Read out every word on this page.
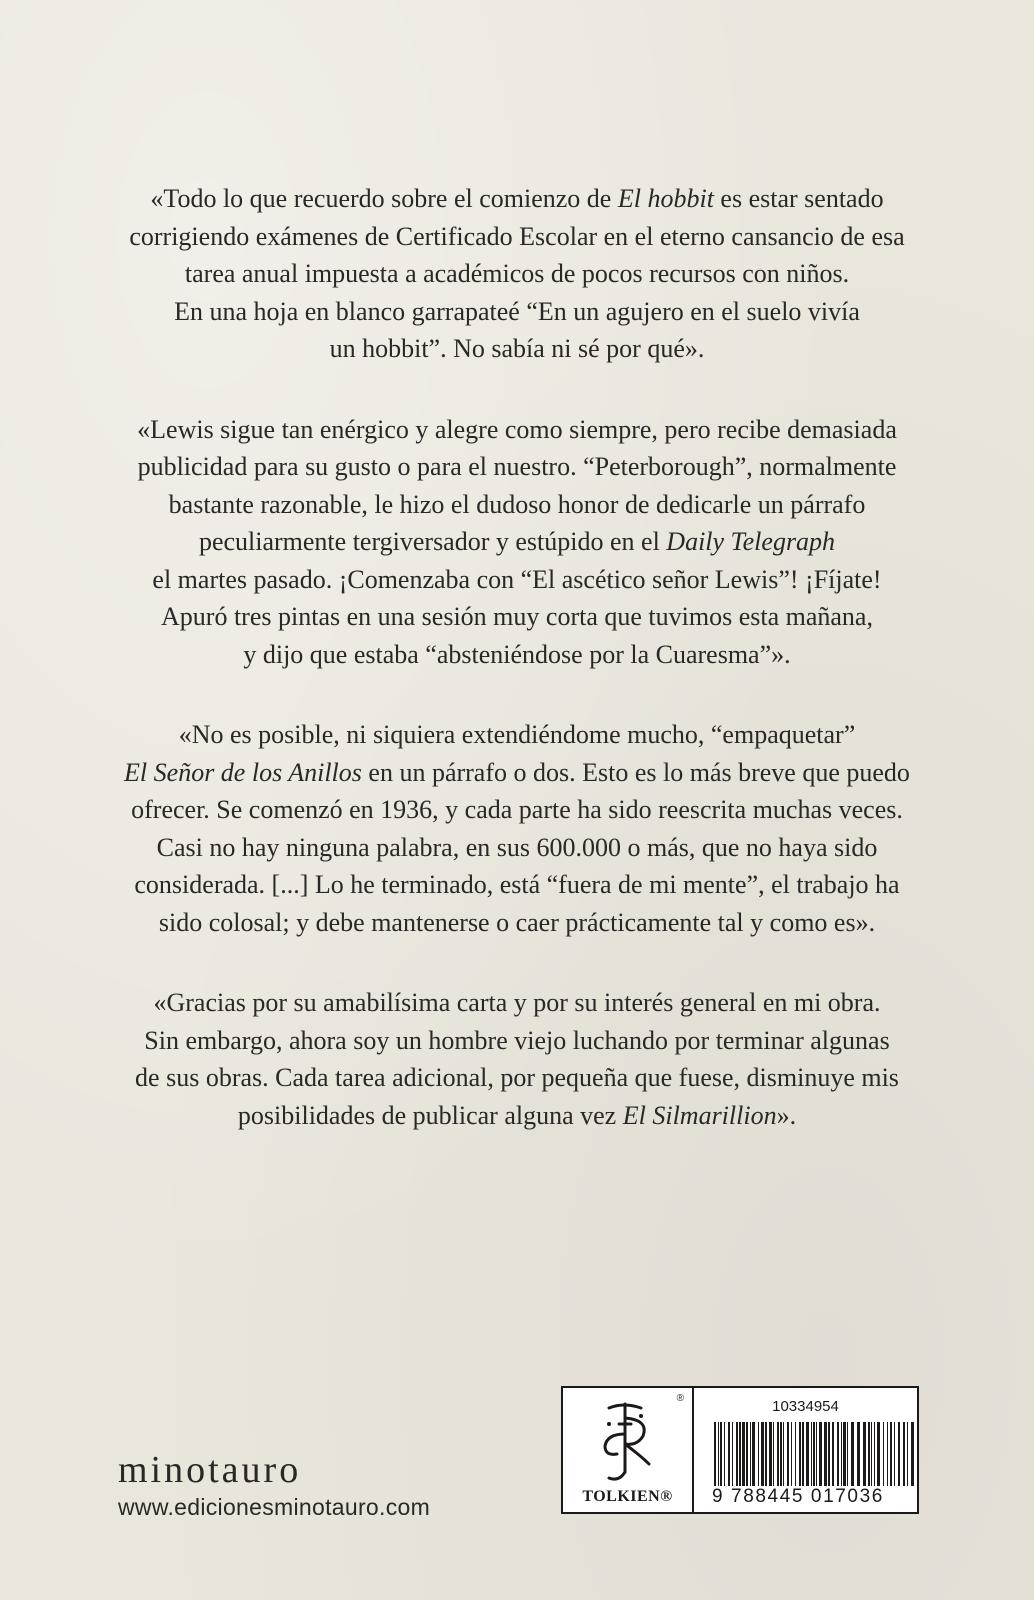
«Todo lo que recuerdo sobre el comienzo de El hobbit es estar sentado
corrigiendo exámenes de Certificado Escolar en el eterno cansancio de esa
tarea anual impuesta a académicos de pocos recursos con niños.
En una hoja en blanco garrapateé “En un agujero en el suelo vivía
un hobbit”. No sabía ni sé por qué».

«Lewis sigue tan enérgico y alegre como siempre, pero recibe demasiada
publicidad para su gusto o para el nuestro. “Peterborough”, normalmente
bastante razonable, le hizo el dudoso honor de dedicarle un párrafo
peculiarmente tergiversador y estúpido en el Daily Telegraph
el martes pasado. ¡Comenzaba con “El ascético señor Lewis”! ¡Fíjate!
Apuró tres pintas en una sesión muy corta que tuvimos esta mañana,
y dijo que estaba “absteniéndose por la Cuaresma”».

«No es posible, ni siquiera extendiéndome mucho, “empaquetar”
El Señor de los Anillos en un párrafo o dos. Esto es lo más breve que puedo
ofrecer. Se comenzó en 1936, y cada parte ha sido reescrita muchas veces.
Casi no hay ninguna palabra, en sus 600.000 o más, que no haya sido
considerada. [...] Lo he terminado, está “fuera de mi mente”, el trabajo ha
sido colosal; y debe mantenerse o caer prácticamente tal y como es».

«Gracias por su amabilísima carta y por su interés general en mi obra.
Sin embargo, ahora soy un hombre viejo luchando por terminar algunas
de sus obras. Cada tarea adicional, por pequeña que fuese, disminuye mis
posibilidades de publicar alguna vez El Silmarillion».

minotauro
www.edicionesminotauro.com
®
TOLKIEN®
10334954
9 788445 017036
